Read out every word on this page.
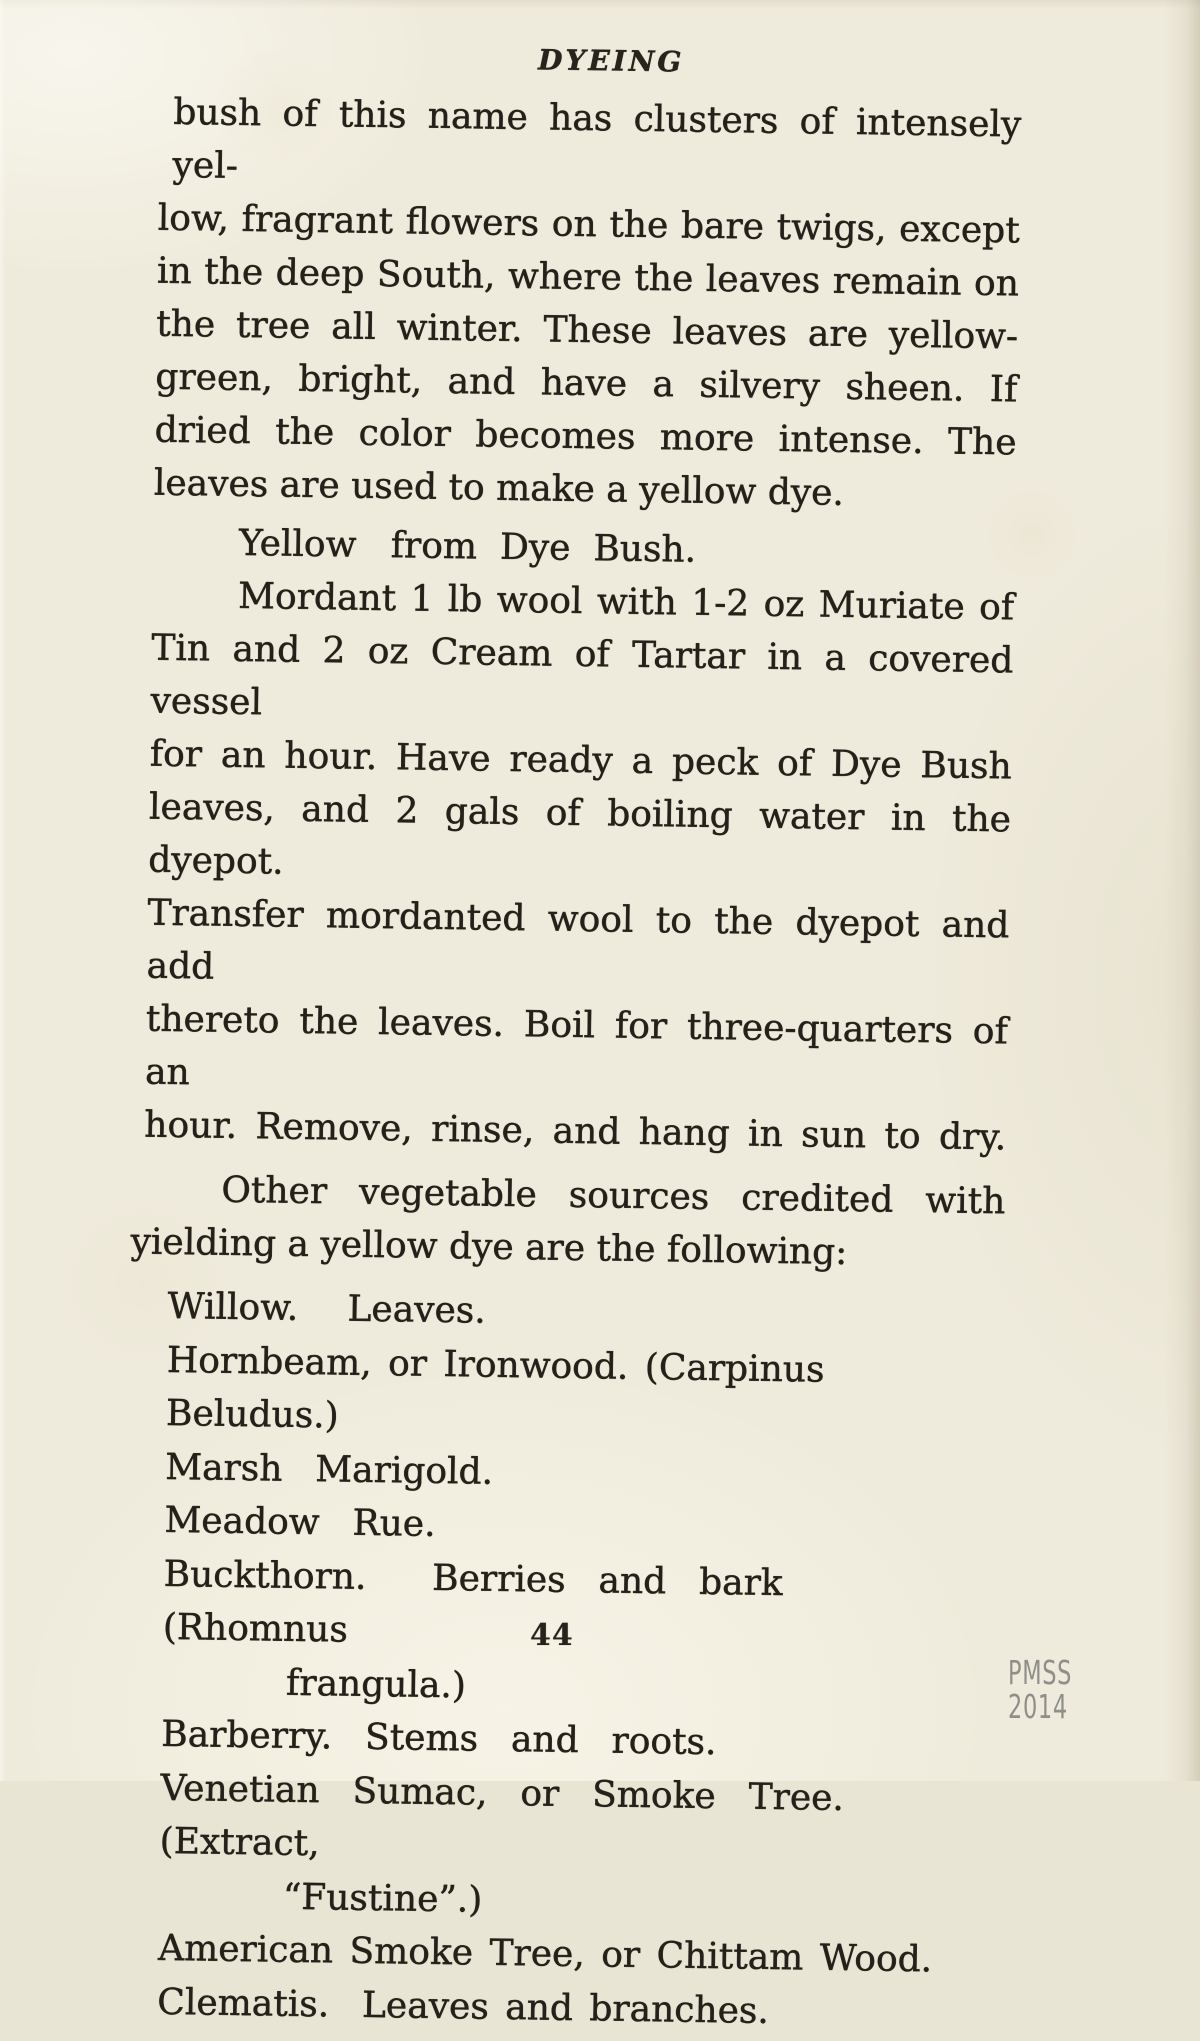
DYEING
bush of this name has clusters of intensely yel-
low, fragrant flowers on the bare twigs, except
in the deep South, where the leaves remain on
the tree all winter. These leaves are yellow-
green, bright, and have a silvery sheen. If
dried the color becomes more intense. The
leaves are used to make a yellow dye.
Yellow   from  Dye  Bush.
Mordant 1 lb wool with 1-2 oz Muriate of
Tin and 2 oz Cream of Tartar in a covered vessel
for an hour. Have ready a peck of Dye Bush
leaves, and 2 gals of boiling water in the dyepot.
Transfer mordanted wool to the dyepot and add
thereto the leaves. Boil for three-quarters of an
hour. Remove, rinse, and hang in sun to dry.
Other vegetable sources credited with
yielding a yellow dye are the following:
Willow.   Leaves.
Hornbeam, or Ironwood. (Carpinus Beludus.)
Marsh  Marigold.
Meadow  Rue.
Buckthorn.    Berries  and  bark   (Rhomnus
frangula.)
Barberry.  Stems  and  roots.
Venetian  Sumac,  or  Smoke  Tree.  (Extract,
“Fustine”.)
American Smoke Tree, or Chittam Wood.
Clematis.  Leaves and branches.
44
PMSS 2014
